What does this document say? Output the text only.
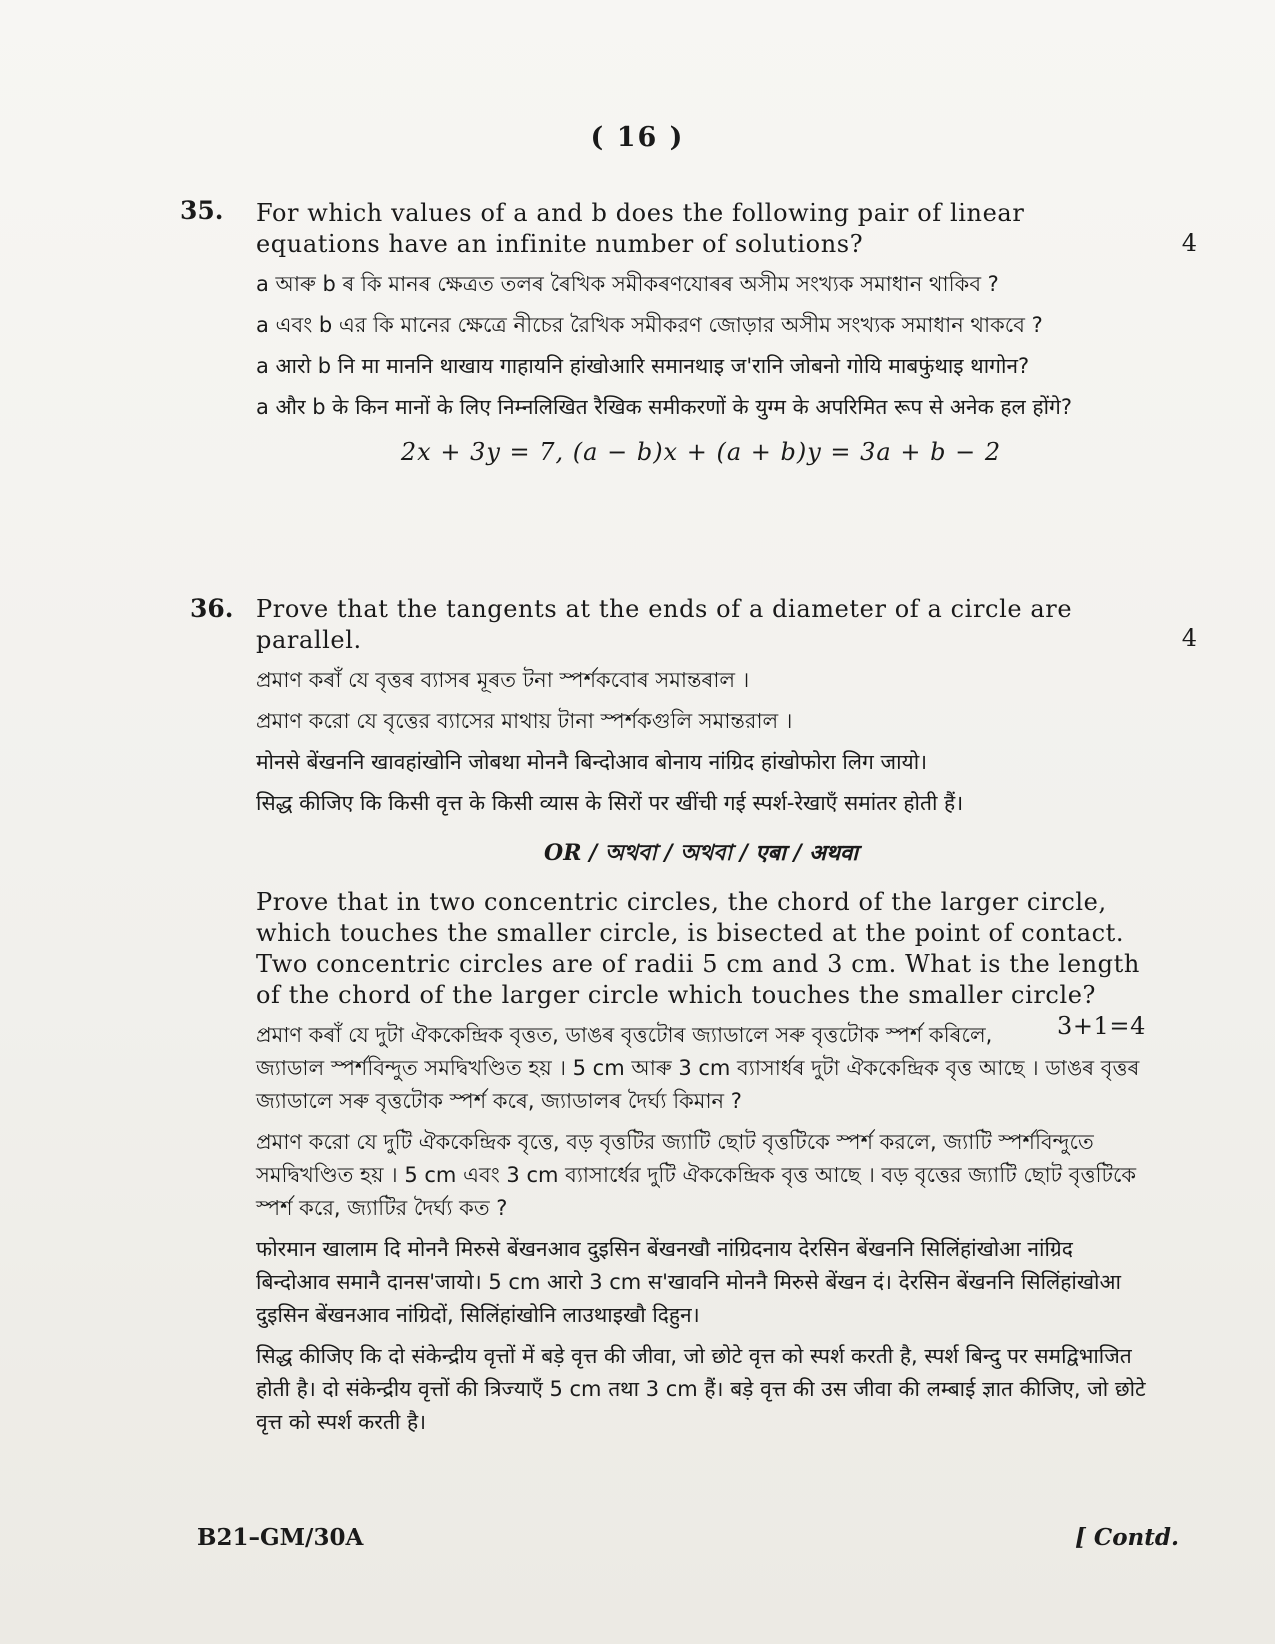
( 16 )
35.
4

For which values of a and b does the following pair of linear equations have an infinite number of solutions?

a আৰু b ৰ কি মানৰ ক্ষেত্ৰত তলৰ ৰৈখিক সমীকৰণযোৰৰ অসীম সংখ্যক সমাধান থাকিব ?

a এবং b এর কি মানের ক্ষেত্রে নীচের রৈখিক সমীকরণ জোড়ার অসীম সংখ্যক সমাধান থাকবে ?

a आरो b नि मा माननि थाखाय गाहायनि हांखोआरि समानथाइ ज'रानि जोबनो गोयि माबफुंथाइ थागोन?

a और b के किन मानों के लिए निम्नलिखित रैखिक समीकरणों के युग्म के अपरिमित रूप से अनेक हल होंगे?

2x + 3y = 7, (a − b)x + (a + b)y = 3a + b − 2

36.
4

Prove that the tangents at the ends of a diameter of a circle are parallel.

প্ৰমাণ কৰাঁ যে বৃত্তৰ ব্যাসৰ মূৰত টনা স্পৰ্শকবোৰ সমান্তৰাল ।

প্রমাণ করো যে বৃত্তের ব্যাসের মাথায় টানা স্পর্শকগুলি সমান্তরাল ।

मोनसे बेंखननि खावहांखोनि जोबथा मोननै बिन्दोआव बोनाय नांग्रिद हांखोफोरा लिग जायो।

सिद्ध कीजिए कि किसी वृत्त के किसी व्यास के सिरों पर खींची गई स्पर्श-रेखाएँ समांतर होती हैं।

OR / অথবা / অথবা / एबा / अथवा

Prove that in two concentric circles, the chord of the larger circle, which touches the smaller circle, is bisected at the point of contact. Two concentric circles are of radii 5 cm and 3 cm. What is the length of the chord of the larger circle which touches the smaller circle?
3+1=4

প্ৰমাণ কৰাঁ যে দুটা ঐককেন্দ্ৰিক বৃত্তত, ডাঙৰ বৃত্তটোৰ জ্যাডালে সৰু বৃত্তটোক স্পৰ্শ কৰিলে, জ্যাডাল স্পৰ্শবিন্দুত সমদ্বিখণ্ডিত হয় । 5 cm আৰু 3 cm ব্যাসাৰ্ধৰ দুটা ঐককেন্দ্ৰিক বৃত্ত আছে । ডাঙৰ বৃত্তৰ জ্যাডালে সৰু বৃত্তটোক স্পৰ্শ কৰে, জ্যাডালৰ দৈৰ্ঘ্য কিমান ?

প্রমাণ করো যে দুটি ঐককেন্দ্রিক বৃত্তে, বড় বৃত্তটির জ্যাটি ছোট বৃত্তটিকে স্পর্শ করলে, জ্যাটি স্পর্শবিন্দুতে সমদ্বিখণ্ডিত হয় । 5 cm এবং 3 cm ব্যাসার্ধের দুটি ঐককেন্দ্রিক বৃত্ত আছে । বড় বৃত্তের জ্যাটি ছোট বৃত্তটিকে স্পর্শ করে, জ্যাটির দৈর্ঘ্য কত ?

फोरमान खालाम दि मोननै मिरुसे बेंखनआव दुइसिन बेंखनखौ नांग्रिदनाय देरसिन बेंखननि सिलिंहांखोआ नांग्रिद बिन्दोआव समानै दानस'जायो। 5 cm आरो 3 cm स'खावनि मोननै मिरुसे बेंखन दं। देरसिन बेंखननि सिलिंहांखोआ दुइसिन बेंखनआव नांग्रिदों, सिलिंहांखोनि लाउथाइखौ दिहुन।

सिद्ध कीजिए कि दो संकेन्द्रीय वृत्तों में बड़े वृत्त की जीवा, जो छोटे वृत्त को स्पर्श करती है, स्पर्श बिन्दु पर समद्विभाजित होती है। दो संकेन्द्रीय वृत्तों की त्रिज्याएँ 5 cm तथा 3 cm हैं। बड़े वृत्त की उस जीवा की लम्बाई ज्ञात कीजिए, जो छोटे वृत्त को स्पर्श करती है।

B21–GM/30A	[ Contd.
